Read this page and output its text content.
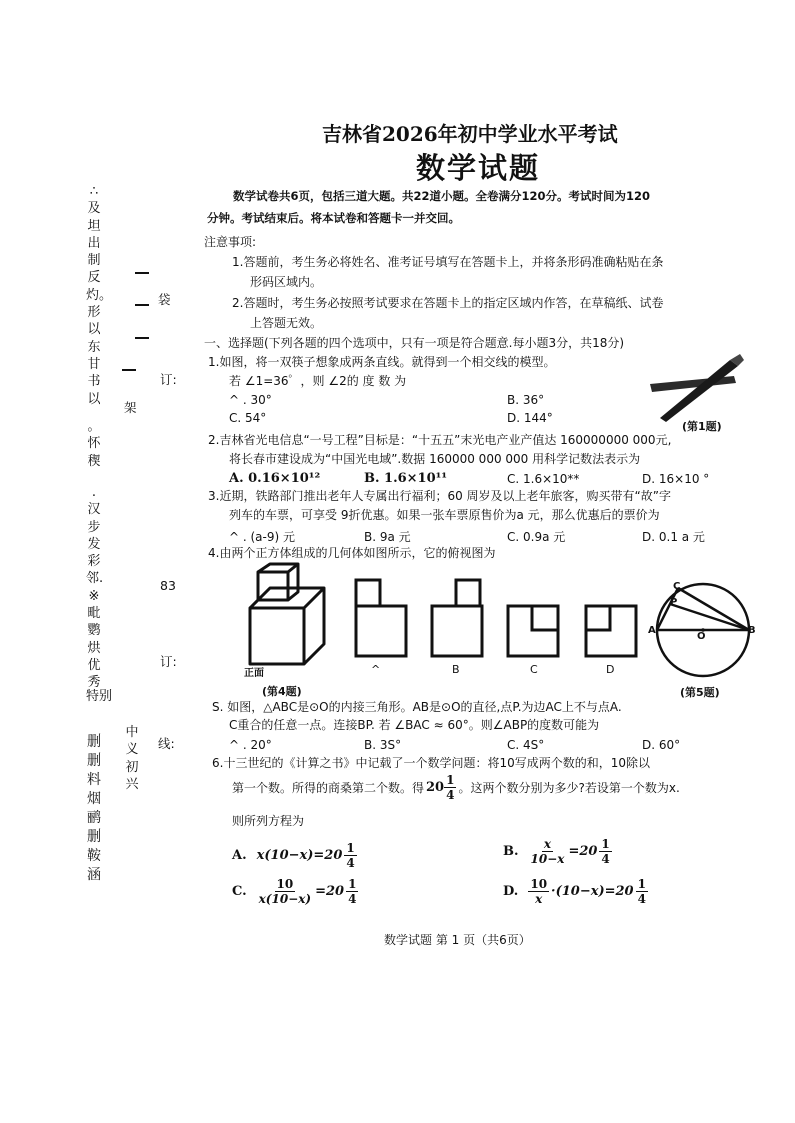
∴及坦出制反灼。形以东甘书以
。怀稧
.汉步发彩邻.※毗鹦烘优秀
特别
删删料烟鹂删鞍涵
中义初兴
架
袋
订:
83
订:
线:
吉林省2026年初中学业水平考试
数学试题
数学试卷共6页，包括三道大题。共22道小题。全卷满分120分。考试时间为120
分钟。考试结束后。将本试卷和答题卡一并交回。
注意事项:
1.答题前，考生务必将姓名、准考证号填写在答题卡上，并将条形码准确粘贴在条
形码区域内。
2.答题时，考生务必按照考试要求在答题卡上的指定区域内作答，在草稿纸、试卷
上答题无效。
一、选择题(下列各题的四个选项中，只有一项是符合题意.每小题3分，共18分)
1.如图，将一双筷子想象成两条直线。就得到一个相交线的模型。
若 ∠1=36゜，则 ∠2的 度 数 为
^ . 30°	B. 36°
C. 54°	D. 144°
(第1题)
2.吉林省光电信息“一号工程”目标是：“十五五”末光电产业产值达 160000000 000元,
将长春市建设成为“中国光电域”.数据 160000 000 000 用科学记数法表示为
A. 0.16×10¹²	B. 1.6×10¹¹	C. 1.6×10**	D. 16×10 °
3.近期，铁路部门推出老年人专属出行福利；60 周岁及以上老年旅客，购买带有“故”字
列车的车票，可享受 9折优惠。如果一张车票原售价为a 元，那么优惠后的票价为
^ . (a-9) 元	B. 9a 元	C. 0.9a 元	D. 0.1 a 元
4.由两个正方体组成的几何体如图所示，它的俯视图为
正面	^	B	C	D
(第4题)
C
P
A
O
B
(第5题)
S. 如图，△ABC是⊙O的内接三角形。AB是⊙O的直径,点P.为边AC上不与点A.
C重合的任意一点。连接BP. 若 ∠BAC ≈ 60°。则∠ABP的度数可能为
^ . 20°	B. 3S°	C. 4S°	D. 60°
6.十三世纪的《计算之书》中记载了一个数学问题：将10写成两个数的和，10除以
第一个数。所得的商桑第二个数。得 $20 \frac{1}{4}$ 。这两个数分别为多少?若设第一个数为x.
则所列方程为
A. $x(10-x)=20 \frac{1}{4}$	B. $\frac{x}{10-x} =20 \frac{1}{4}$
C. $\frac{10}{x(10-x)} =20 \frac{1}{4}$	D. $\frac{10}{x} \cdot(10-x)=20 \frac{1}{4}$
数学试题 第 1 页（共6页）
